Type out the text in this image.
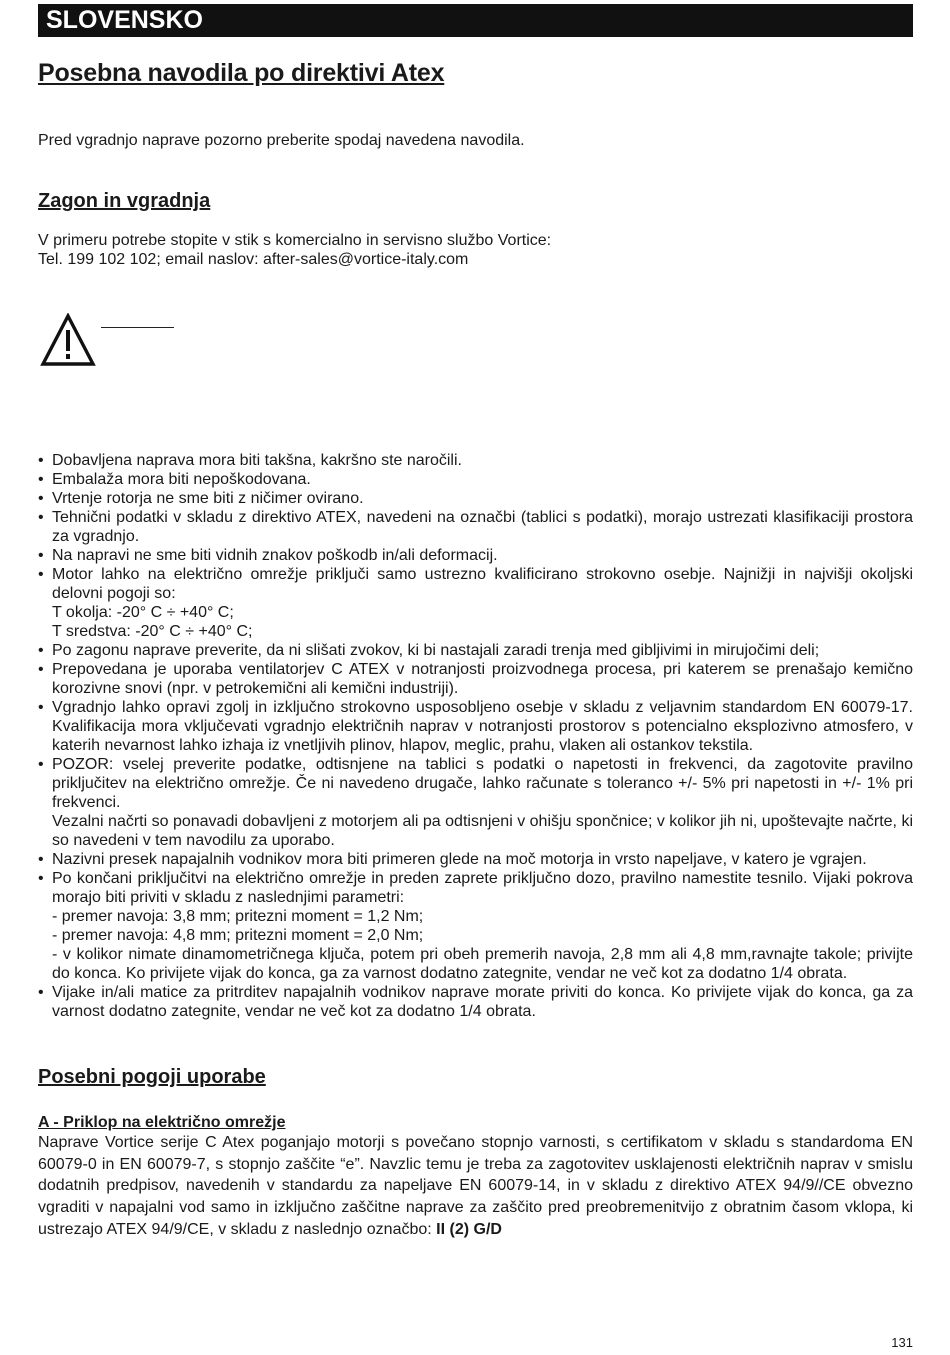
SLOVENSKO
Posebna navodila po direktivi Atex

Pred vgradnjo naprave pozorno preberite spodaj navedena navodila.

Zagon in vgradnja
V primeru potrebe stopite v stik s komercialno in servisno službo Vortice:
Tel. 199 102 102; email naslov: after-sales@vortice-italy.com
• Dobavljena naprava mora biti takšna, kakršno ste naročili.
• Embalaža mora biti nepoškodovana.
• Vrtenje rotorja ne sme biti z ničimer ovirano.
• Tehnični podatki v skladu z direktivo ATEX, navedeni na označbi (tablici s podatki), morajo ustrezati klasifikaciji prostora za vgradnjo.
• Na napravi ne sme biti vidnih znakov poškodb in/ali deformacij.
• Motor lahko na električno omrežje priključi samo ustrezno kvalificirano strokovno osebje. Najnižji in najvišji okoljski delovni pogoji so:
T okolja: -20° C ÷ +40° C;
T sredstva: -20° C ÷ +40° C;
• Po zagonu naprave preverite, da ni slišati zvokov, ki bi nastajali zaradi trenja med gibljivimi in mirujočimi deli;
• Prepovedana je uporaba ventilatorjev C ATEX v notranjosti proizvodnega procesa, pri katerem se prenašajo kemično korozivne snovi (npr. v petrokemični ali kemični industriji).
• Vgradnjo lahko opravi zgolj in izključno strokovno usposobljeno osebje v skladu z veljavnim standardom EN 60079-17. Kvalifikacija mora vključevati vgradnjo električnih naprav v notranjosti prostorov s potencialno eksplozivno atmosfero, v katerih nevarnost lahko izhaja iz vnetljivih plinov, hlapov, meglic, prahu, vlaken ali ostankov tekstila.
• POZOR: vselej preverite podatke, odtisnjene na tablici s podatki o napetosti in frekvenci, da zagotovite pravilno priključitev na električno omrežje. Če ni navedeno drugače, lahko računate s toleranco +/- 5% pri napetosti in +/- 1% pri frekvenci.
Vezalni načrti so ponavadi dobavljeni z motorjem ali pa odtisnjeni v ohišju spončnice; v kolikor jih ni, upoštevajte načrte, ki so navedeni v tem navodilu za uporabo.
• Nazivni presek napajalnih vodnikov mora biti primeren glede na moč motorja in vrsto napeljave, v katero je vgrajen.
• Po končani priključitvi na električno omrežje in preden zaprete priključno dozo, pravilno namestite tesnilo. Vijaki pokrova morajo biti priviti v skladu z naslednjimi parametri:
- premer navoja: 3,8 mm; pritezni moment = 1,2 Nm;
- premer navoja: 4,8 mm; pritezni moment = 2,0 Nm;
- v kolikor nimate dinamometričnega ključa, potem pri obeh premerih navoja, 2,8 mm ali 4,8 mm,ravnajte takole; privijte do konca. Ko privijete vijak do konca, ga za varnost dodatno zategnite, vendar ne več kot za dodatno 1/4 obrata.
• Vijake in/ali matice za pritrditev napajalnih vodnikov naprave morate priviti do konca. Ko privijete vijak do konca, ga za varnost dodatno zategnite, vendar ne več kot za dodatno 1/4 obrata.
Posebni pogoji uporabe
A - Priklop na električno omrežje

Naprave Vortice serije C Atex poganjajo motorji s povečano stopnjo varnosti, s certifikatom v skladu s standardoma EN 60079-0 in EN 60079-7, s stopnjo zaščite “e”. Navzlic temu je treba za zagotovitev usklajenosti električnih naprav v smislu dodatnih predpisov, navedenih v standardu za napeljave EN 60079-14, in v skladu z direktivo ATEX 94/9//CE obvezno vgraditi v napajalni vod samo in izključno zaščitne naprave za zaščito pred preobremenitvijo z obratnim časom vklopa, ki ustrezajo ATEX 94/9/CE, v skladu z naslednjo označbo: II (2) G/D

131
